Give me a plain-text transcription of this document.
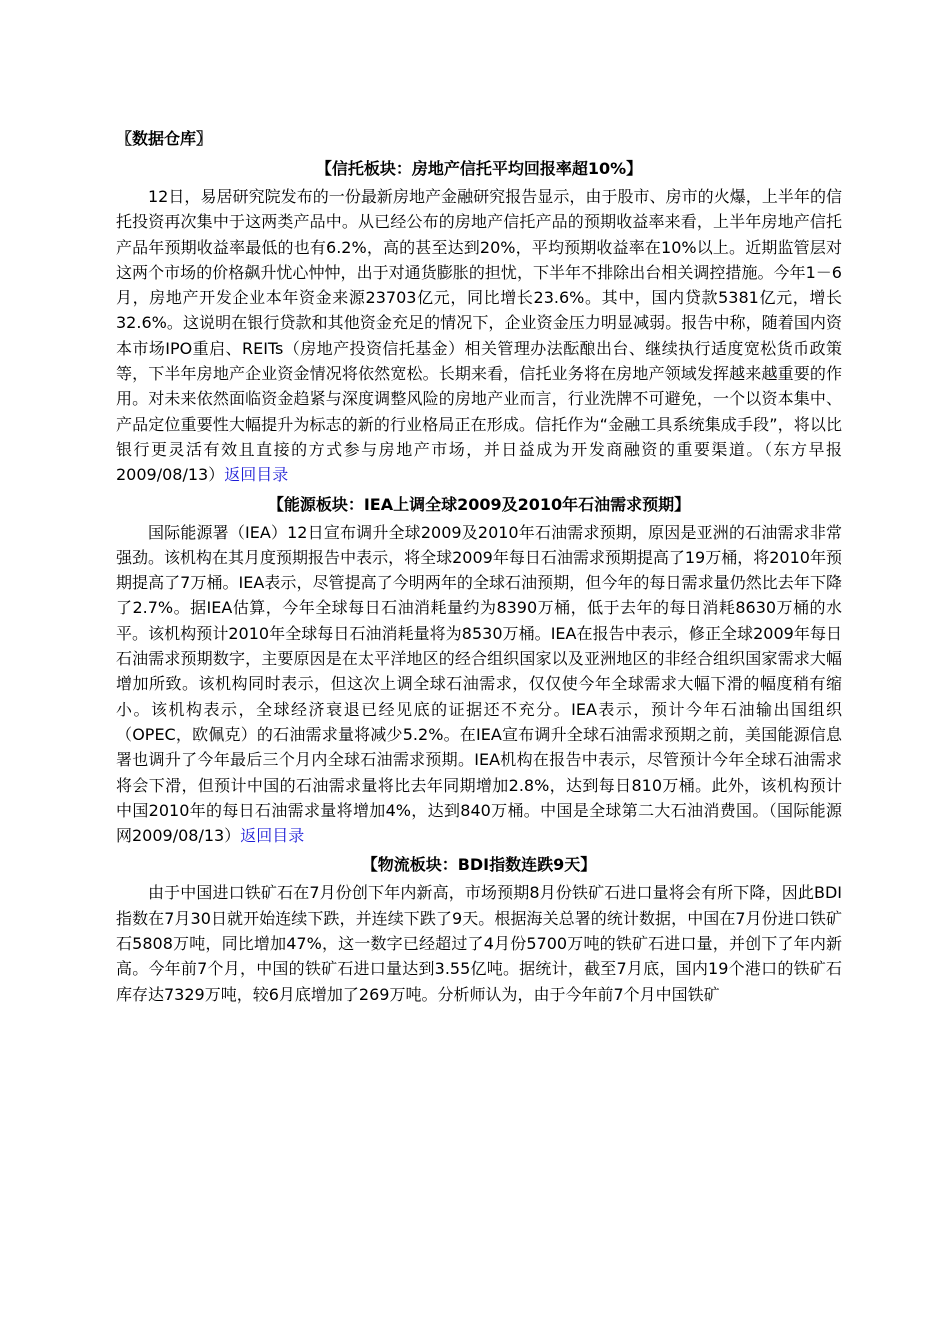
〖数据仓库〗
【信托板块：房地产信托平均回报率超10%】

12日，易居研究院发布的一份最新房地产金融研究报告显示，由于股市、房市的火爆，上半年的信托投资再次集中于这两类产品中。从已经公布的房地产信托产品的预期收益率来看，上半年房地产信托产品年预期收益率最低的也有6.2%，高的甚至达到20%，平均预期收益率在10%以上。近期监管层对这两个市场的价格飙升忧心忡忡，出于对通货膨胀的担忧，下半年不排除出台相关调控措施。今年1－6月，房地产开发企业本年资金来源23703亿元，同比增长23.6%。其中，国内贷款5381亿元，增长32.6%。这说明在银行贷款和其他资金充足的情况下，企业资金压力明显减弱。报告中称，随着国内资本市场IPO重启、REITs（房地产投资信托基金）相关管理办法酝酿出台、继续执行适度宽松货币政策等，下半年房地产企业资金情况将依然宽松。长期来看，信托业务将在房地产领域发挥越来越重要的作用。对未来依然面临资金趋紧与深度调整风险的房地产业而言，行业洗牌不可避免，一个以资本集中、产品定位重要性大幅提升为标志的新的行业格局正在形成。信托作为“金融工具系统集成手段”，将以比银行更灵活有效且直接的方式参与房地产市场，并日益成为开发商融资的重要渠道。（东方早报2009/08/13）返回目录

【能源板块：IEA上调全球2009及2010年石油需求预期】

国际能源署（IEA）12日宣布调升全球2009及2010年石油需求预期，原因是亚洲的石油需求非常强劲。该机构在其月度预期报告中表示，将全球2009年每日石油需求预期提高了19万桶，将2010年预期提高了7万桶。IEA表示，尽管提高了今明两年的全球石油预期，但今年的每日需求量仍然比去年下降了2.7%。据IEA估算，今年全球每日石油消耗量约为8390万桶，低于去年的每日消耗8630万桶的水平。该机构预计2010年全球每日石油消耗量将为8530万桶。IEA在报告中表示，修正全球2009年每日石油需求预期数字，主要原因是在太平洋地区的经合组织国家以及亚洲地区的非经合组织国家需求大幅增加所致。该机构同时表示，但这次上调全球石油需求，仅仅使今年全球需求大幅下滑的幅度稍有缩小。该机构表示，全球经济衰退已经见底的证据还不充分。IEA表示，预计今年石油输出国组织（OPEC，欧佩克）的石油需求量将减少5.2%。在IEA宣布调升全球石油需求预期之前，美国能源信息署也调升了今年最后三个月内全球石油需求预期。IEA机构在报告中表示，尽管预计今年全球石油需求将会下滑，但预计中国的石油需求量将比去年同期增加2.8%，达到每日810万桶。此外，该机构预计中国2010年的每日石油需求量将增加4%，达到840万桶。中国是全球第二大石油消费国。（国际能源网2009/08/13）返回目录

【物流板块：BDI指数连跌9天】

由于中国进口铁矿石在7月份创下年内新高，市场预期8月份铁矿石进口量将会有所下降，因此BDI指数在7月30日就开始连续下跌，并连续下跌了9天。根据海关总署的统计数据，中国在7月份进口铁矿石5808万吨，同比增加47%，这一数字已经超过了4月份5700万吨的铁矿石进口量，并创下了年内新高。今年前7个月，中国的铁矿石进口量达到3.55亿吨。据统计，截至7月底，国内19个港口的铁矿石库存达7329万吨，较6月底增加了269万吨。分析师认为，由于今年前7个月中国铁矿
